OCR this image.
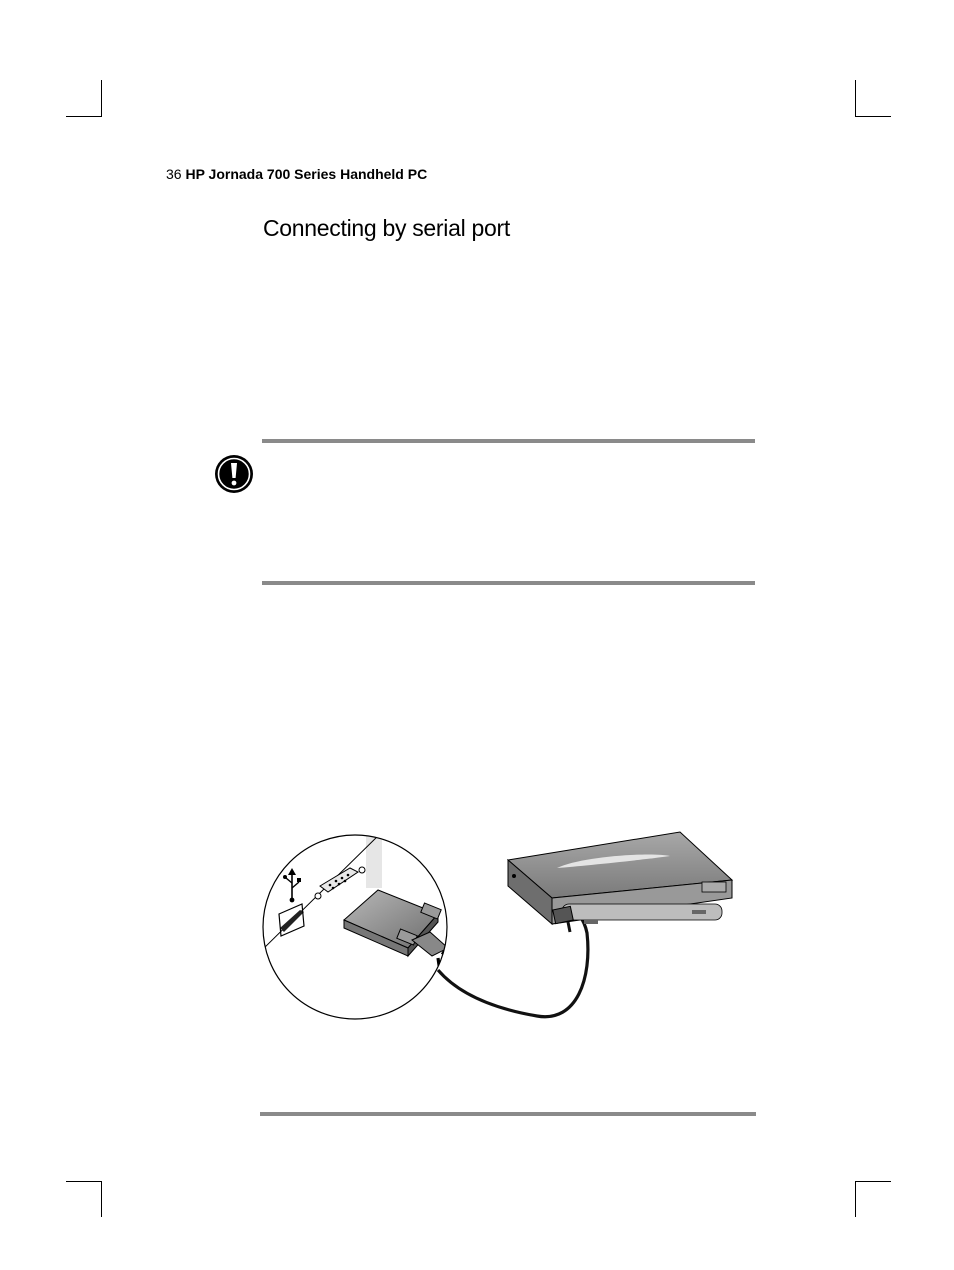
36 HP Jornada 700 Series Handheld PC
Connecting by serial port
